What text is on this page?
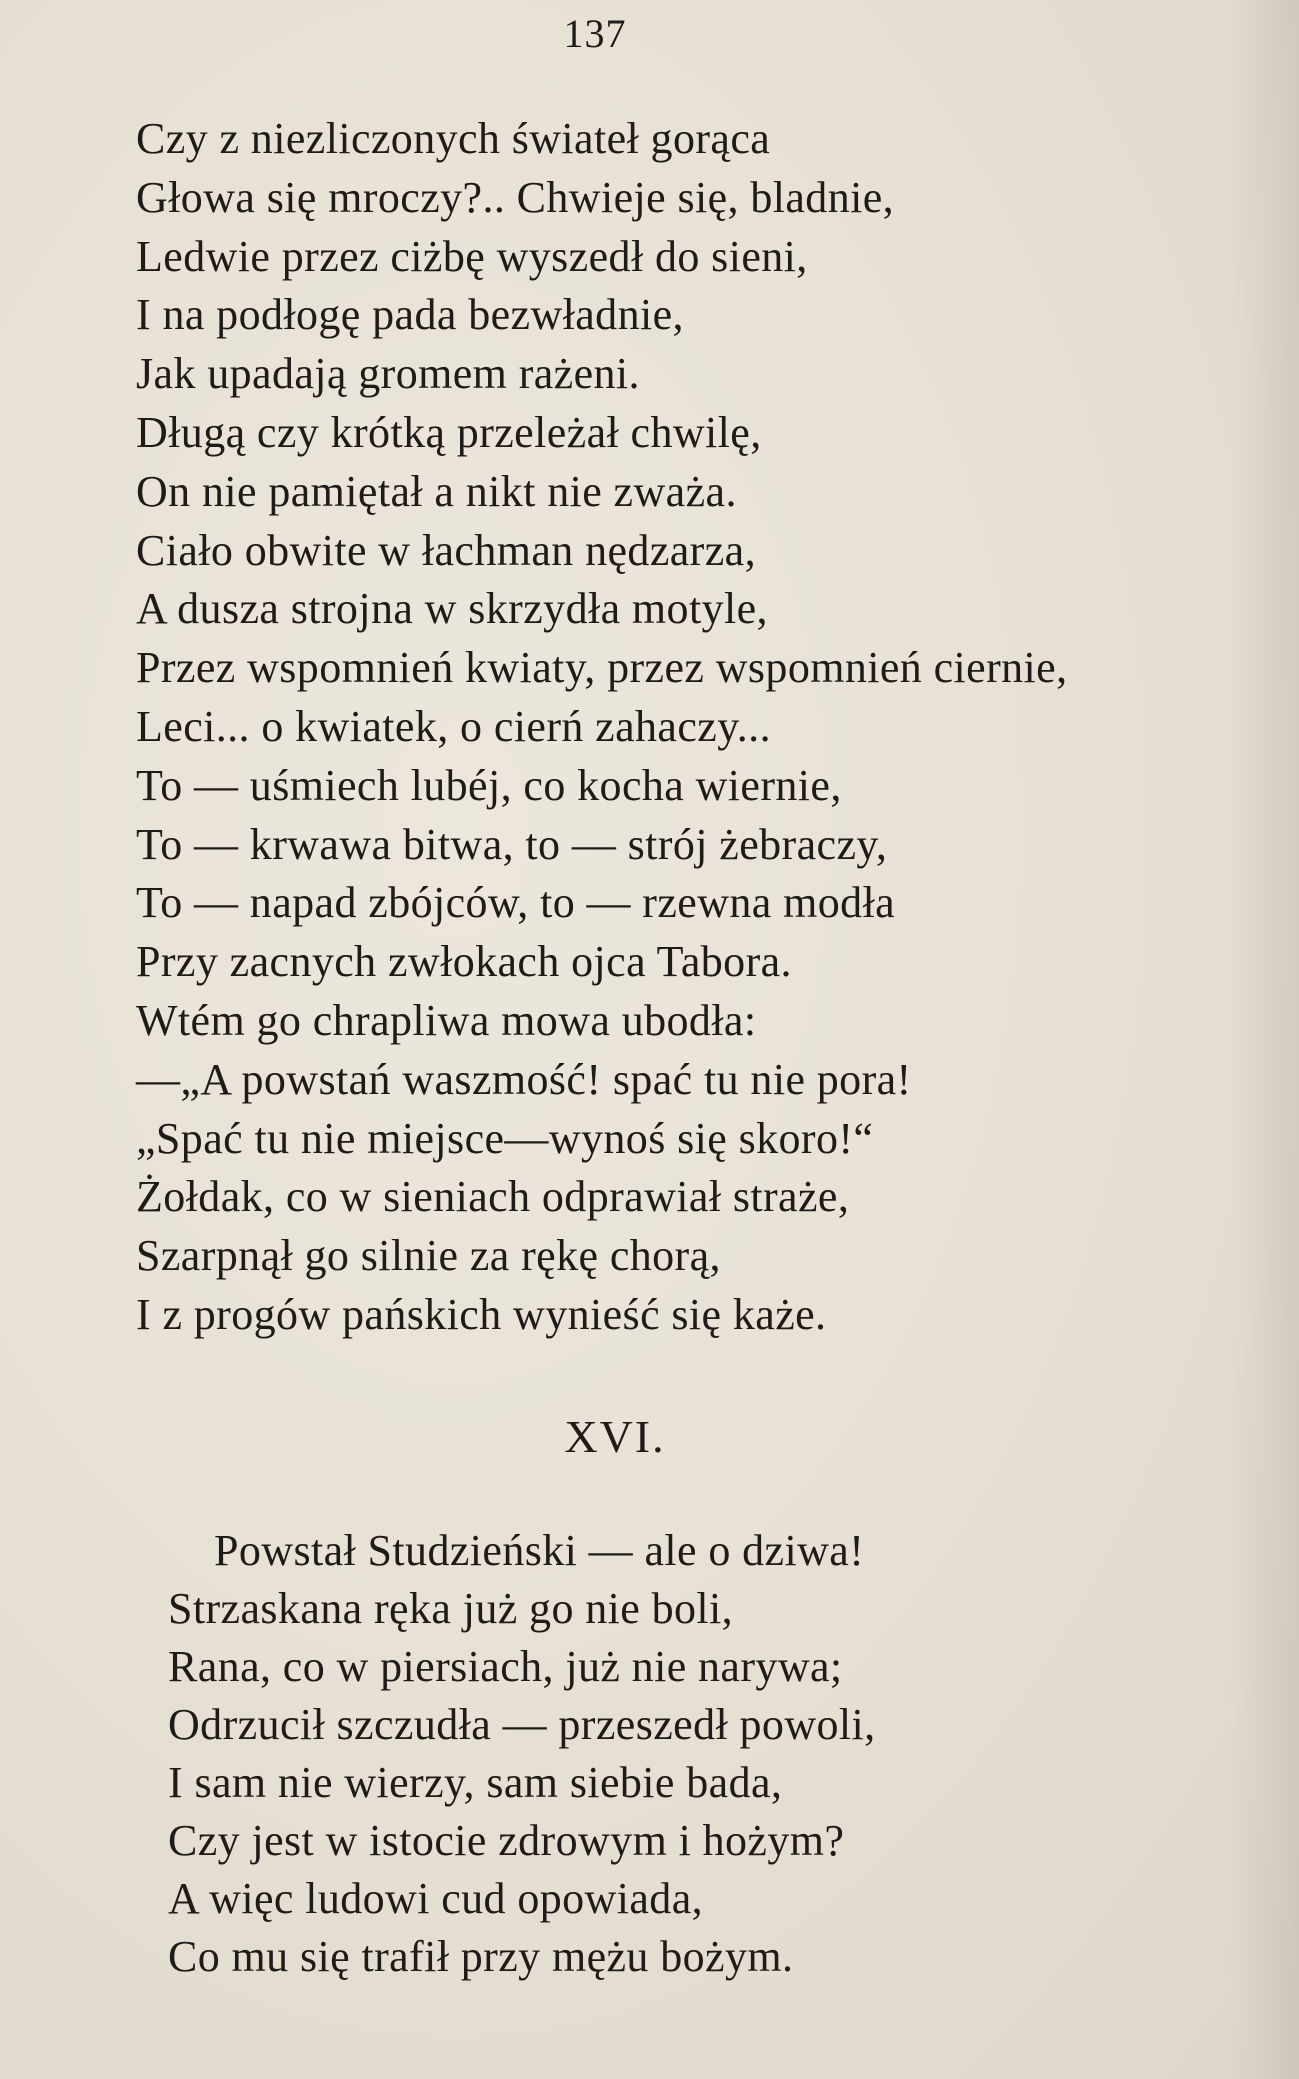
137
Czy z niezliczonych świateł gorąca
Głowa się mroczy?.. Chwieje się, bladnie,
Ledwie przez ciżbę wyszedł do sieni,
I na podłogę pada bezwładnie,
Jak upadają gromem rażeni.
Długą czy krótką przeleżał chwilę,
On nie pamiętał a nikt nie zważa.
Ciało obwite w łachman nędzarza,
A dusza strojna w skrzydła motyle,
Przez wspomnień kwiaty, przez wspomnień ciernie,
Leci... o kwiatek, o cierń zahaczy...
To — uśmiech lubéj, co kocha wiernie,
To — krwawa bitwa, to — strój żebraczy,
To — napad zbójców, to — rzewna modła
Przy zacnych zwłokach ojca Tabora.
Wtém go chrapliwa mowa ubodła:
—„A powstań waszmość! spać tu nie pora!
„Spać tu nie miejsce—wynoś się skoro!“
Żołdak, co w sieniach odprawiał straże,
Szarpnął go silnie za rękę chorą,
I z progów pańskich wynieść się każe.
XVI.
Powstał Studzieński — ale o dziwa!
Strzaskana ręka już go nie boli,
Rana, co w piersiach, już nie narywa;
Odrzucił szczudła — przeszedł powoli,
I sam nie wierzy, sam siebie bada,
Czy jest w istocie zdrowym i hożym?
A więc ludowi cud opowiada,
Co mu się trafił przy mężu bożym.
